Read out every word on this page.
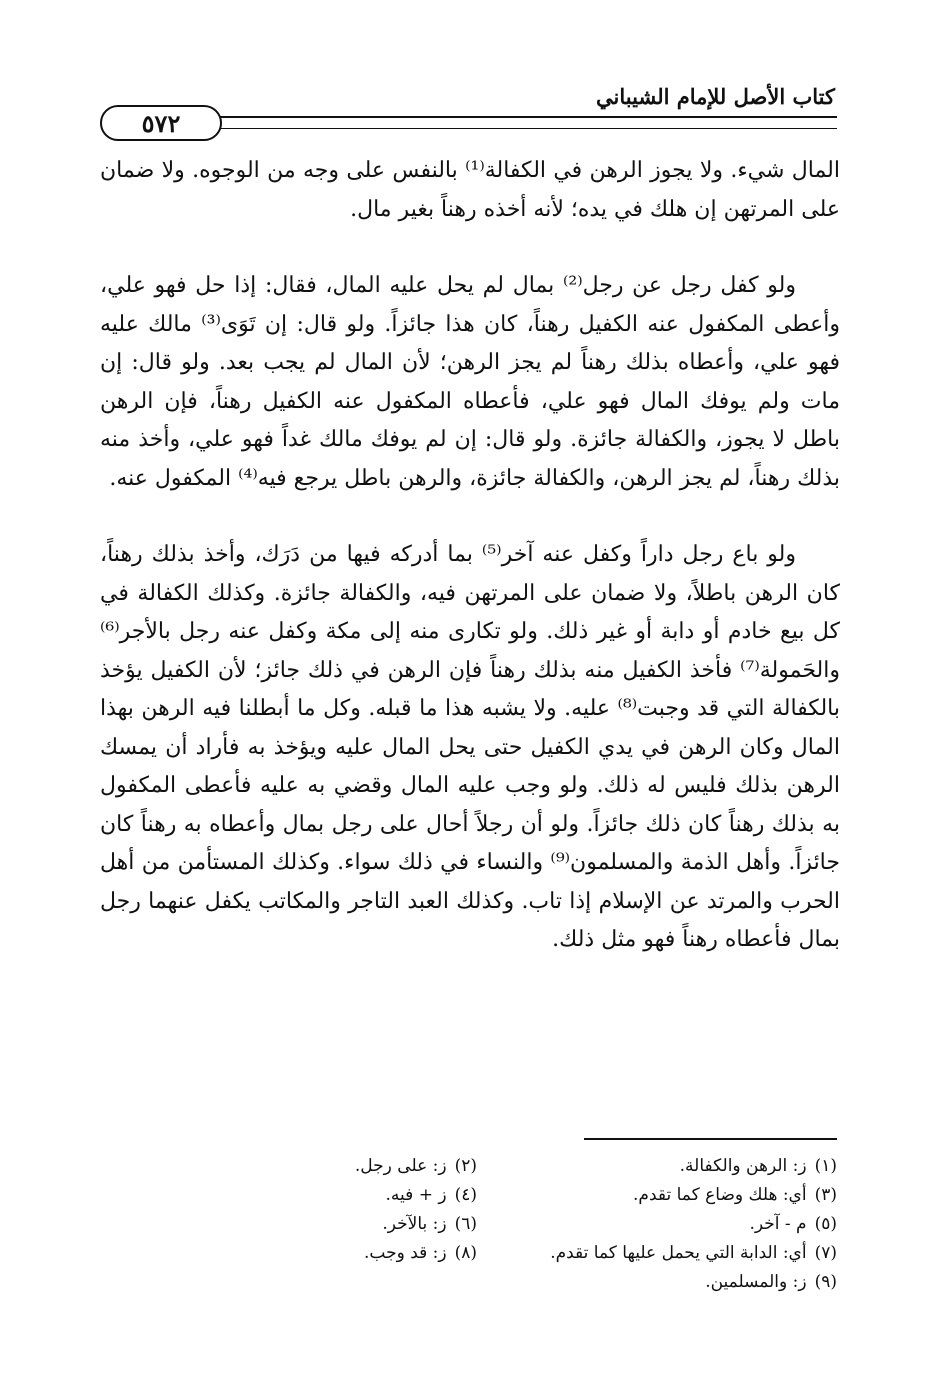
كتاب الأصل للإمام الشيباني
٥٧٢

المال شيء. ولا يجوز الرهن في الكفالة⁽¹⁾ بالنفس على وجه من الوجوه. ولا ضمان على المرتهن إن هلك في يده؛ لأنه أخذه رهناً بغير مال.

ولو كفل رجل عن رجل⁽²⁾ بمال لم يحل عليه المال، فقال: إذا حل فهو علي، وأعطى المكفول عنه الكفيل رهناً، كان هذا جائزاً. ولو قال: إن تَوَى⁽³⁾ مالك عليه فهو علي، وأعطاه بذلك رهناً لم يجز الرهن؛ لأن المال لم يجب بعد. ولو قال: إن مات ولم يوفك المال فهو علي، فأعطاه المكفول عنه الكفيل رهناً، فإن الرهن باطل لا يجوز، والكفالة جائزة. ولو قال: إن لم يوفك مالك غداً فهو علي، وأخذ منه بذلك رهناً، لم يجز الرهن، والكفالة جائزة، والرهن باطل يرجع فيه⁽⁴⁾ المكفول عنه.

ولو باع رجل داراً وكفل عنه آخر⁽⁵⁾ بما أدركه فيها من دَرَك، وأخذ بذلك رهناً، كان الرهن باطلاً، ولا ضمان على المرتهن فيه، والكفالة جائزة. وكذلك الكفالة في كل بيع خادم أو دابة أو غير ذلك. ولو تكارى منه إلى مكة وكفل عنه رجل بالأجر⁽⁶⁾ والحَمولة⁽⁷⁾ فأخذ الكفيل منه بذلك رهناً فإن الرهن في ذلك جائز؛ لأن الكفيل يؤخذ بالكفالة التي قد وجبت⁽⁸⁾ عليه. ولا يشبه هذا ما قبله. وكل ما أبطلنا فيه الرهن بهذا المال وكان الرهن في يدي الكفيل حتى يحل المال عليه ويؤخذ به فأراد أن يمسك الرهن بذلك فليس له ذلك. ولو وجب عليه المال وقضي به عليه فأعطى المكفول به بذلك رهناً كان ذلك جائزاً. ولو أن رجلاً أحال على رجل بمال وأعطاه به رهناً كان جائزاً. وأهل الذمة والمسلمون⁽⁹⁾ والنساء في ذلك سواء. وكذلك المستأمن من أهل الحرب والمرتد عن الإسلام إذا تاب. وكذلك العبد التاجر والمكاتب يكفل عنهما رجل بمال فأعطاه رهناً فهو مثل ذلك.

(١)ز: الرهن والكفالة.
(٢)ز: على رجل.
(٣)أي: هلك وضاع كما تقدم.
(٤)ز + فيه.
(٥)م - آخر.
(٦)ز: بالآخر.
(٧)أي: الدابة التي يحمل عليها كما تقدم.
(٨)ز: قد وجب.
(٩)ز: والمسلمين.
